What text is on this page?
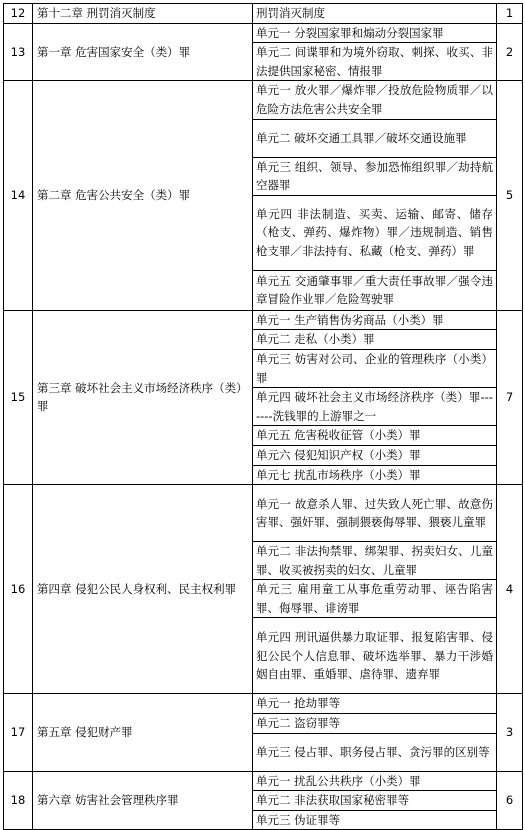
12	第十二章 刑罚消灭制度	刑罚消灭制度	1
13	第一章 危害国家安全（类）罪	单元一 分裂国家罪和煽动分裂国家罪	2
		单元二 间谍罪和为境外窃取、刺探、收买、非法提供国家秘密、情报罪	
14	第二章 危害公共安全（类）罪	单元一 放火罪／爆炸罪／投放危险物质罪／以危险方法危害公共安全罪	5
		单元二 破坏交通工具罪／破坏交通设施罪	
		单元三 组织、领导、参加恐怖组织罪／劫持航空器罪	
		单元四 非法制造、买卖、运输、邮寄、储存（枪支、弹药、爆炸物）罪／违规制造、销售枪支罪／非法持有、私藏（枪支、弹药）罪	
		单元五 交通肇事罪／重大责任事故罪／强令违章冒险作业罪／危险驾驶罪	
15	第三章 破坏社会主义市场经济秩序（类）罪	单元一 生产销售伪劣商品（小类）罪	7
		单元二 走私（小类）罪	
		单元三 妨害对公司、企业的管理秩序（小类）罪	
		单元四 破坏社会主义市场经济秩序（类）罪-------洗钱罪的上游罪之一	
		单元五 危害税收征管（小类）罪	
		单元六 侵犯知识产权（小类）罪	
		单元七 扰乱市场秩序（小类）罪	
16	第四章 侵犯公民人身权利、民主权利罪	单元一 故意杀人罪、过失致人死亡罪、故意伤害罪、强奸罪、强制猥亵侮辱罪、猥亵儿童罪	4
		单元二 非法拘禁罪、绑架罪、拐卖妇女、儿童罪、收买被拐卖的妇女、儿童罪	
		单元三 雇用童工从事危重劳动罪、诬告陷害罪、侮辱罪、诽谤罪	
		单元四 刑讯逼供暴力取证罪、报复陷害罪、侵犯公民个人信息罪、破坏选举罪、暴力干涉婚姻自由罪、重婚罪、虐待罪、遗弃罪	
17	第五章 侵犯财产罪	单元一 抢劫罪等	3
		单元二 盗窃罪等	
		单元三 侵占罪、职务侵占罪、贪污罪的区别等	
18	第六章 妨害社会管理秩序罪	单元一 扰乱公共秩序（小类）罪	6
		单元二 非法获取国家秘密罪等	
		单元三 伪证罪等	
